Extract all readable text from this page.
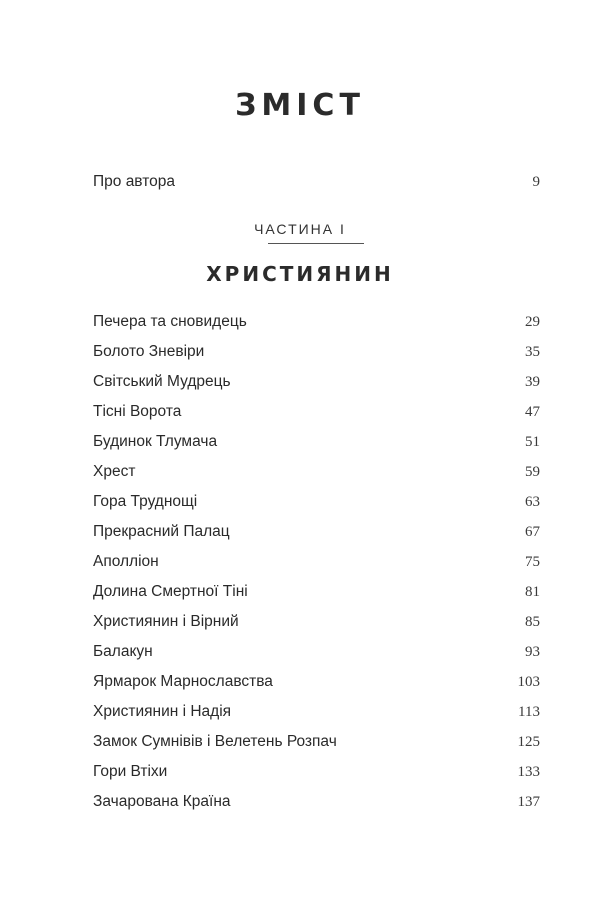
ЗМІСТ
Про автора	9
ЧАСТИНА I
ХРИСТИЯНИН
Печера та сновидець	29
Болото Зневіри	35
Світський Мудрець	39
Тісні Ворота	47
Будинок Тлумача	51
Хрест	59
Гора Труднощі	63
Прекрасний Палац	67
Аполліон	75
Долина Смертної Тіні	81
Християнин і Вірний	85
Балакун	93
Ярмарок Марнославства	103
Християнин і Надія	113
Замок Сумнівів і Велетень Розпач	125
Гори Втіхи	133
Зачарована Країна	137
